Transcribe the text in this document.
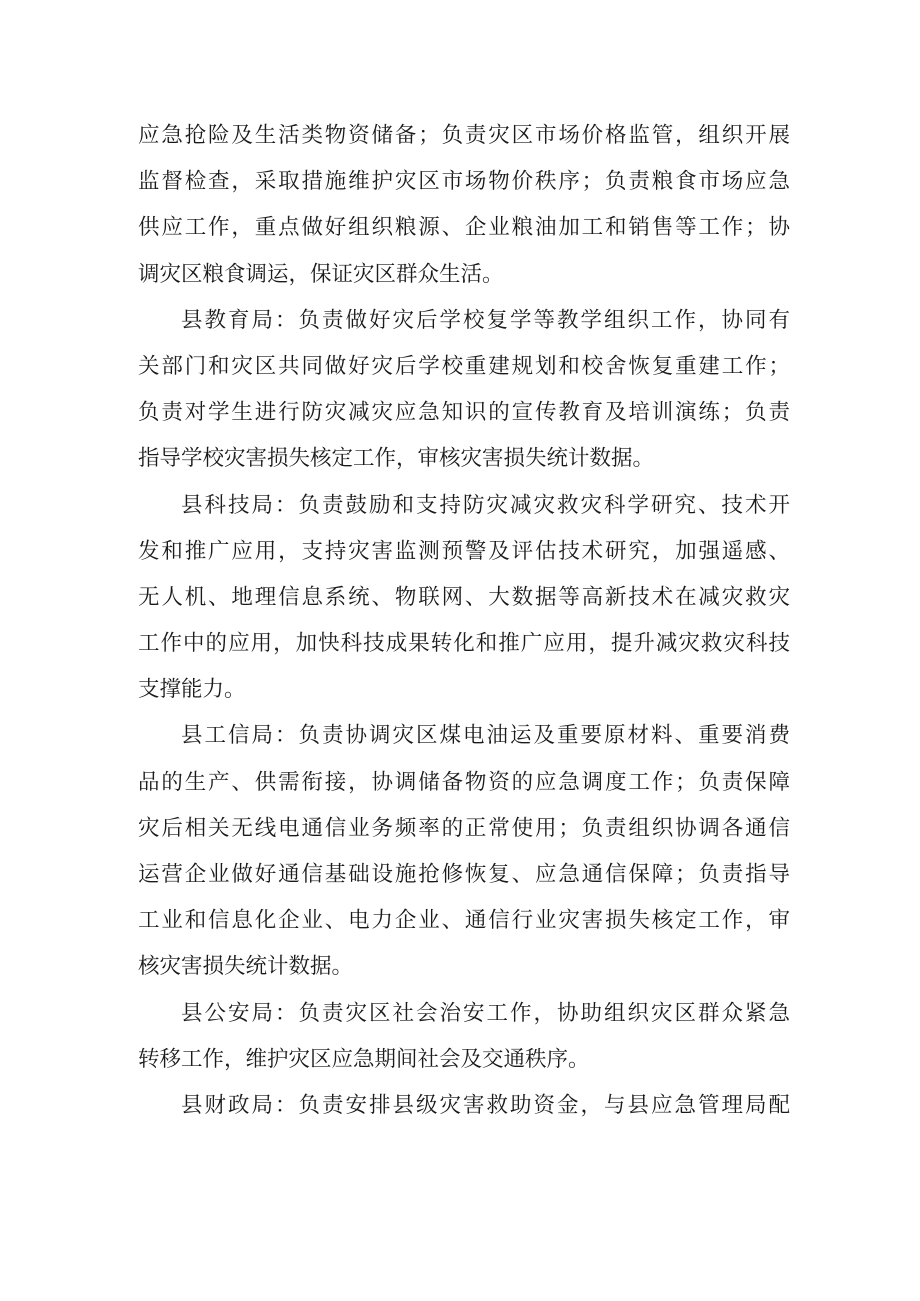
应急抢险及生活类物资储备；负责灾区市场价格监管，组织开展
监督检查，采取措施维护灾区市场物价秩序；负责粮食市场应急
供应工作，重点做好组织粮源、企业粮油加工和销售等工作；协
调灾区粮食调运，保证灾区群众生活。
县教育局：负责做好灾后学校复学等教学组织工作，协同有
关部门和灾区共同做好灾后学校重建规划和校舍恢复重建工作；
负责对学生进行防灾减灾应急知识的宣传教育及培训演练；负责
指导学校灾害损失核定工作，审核灾害损失统计数据。
县科技局：负责鼓励和支持防灾减灾救灾科学研究、技术开
发和推广应用，支持灾害监测预警及评估技术研究，加强遥感、
无人机、地理信息系统、物联网、大数据等高新技术在减灾救灾
工作中的应用，加快科技成果转化和推广应用，提升减灾救灾科技
支撑能力。
县工信局：负责协调灾区煤电油运及重要原材料、重要消费
品的生产、供需衔接，协调储备物资的应急调度工作；负责保障
灾后相关无线电通信业务频率的正常使用；负责组织协调各通信
运营企业做好通信基础设施抢修恢复、应急通信保障；负责指导
工业和信息化企业、电力企业、通信行业灾害损失核定工作，审
核灾害损失统计数据。
县公安局：负责灾区社会治安工作，协助组织灾区群众紧急
转移工作，维护灾区应急期间社会及交通秩序。
县财政局：负责安排县级灾害救助资金，与县应急管理局配
